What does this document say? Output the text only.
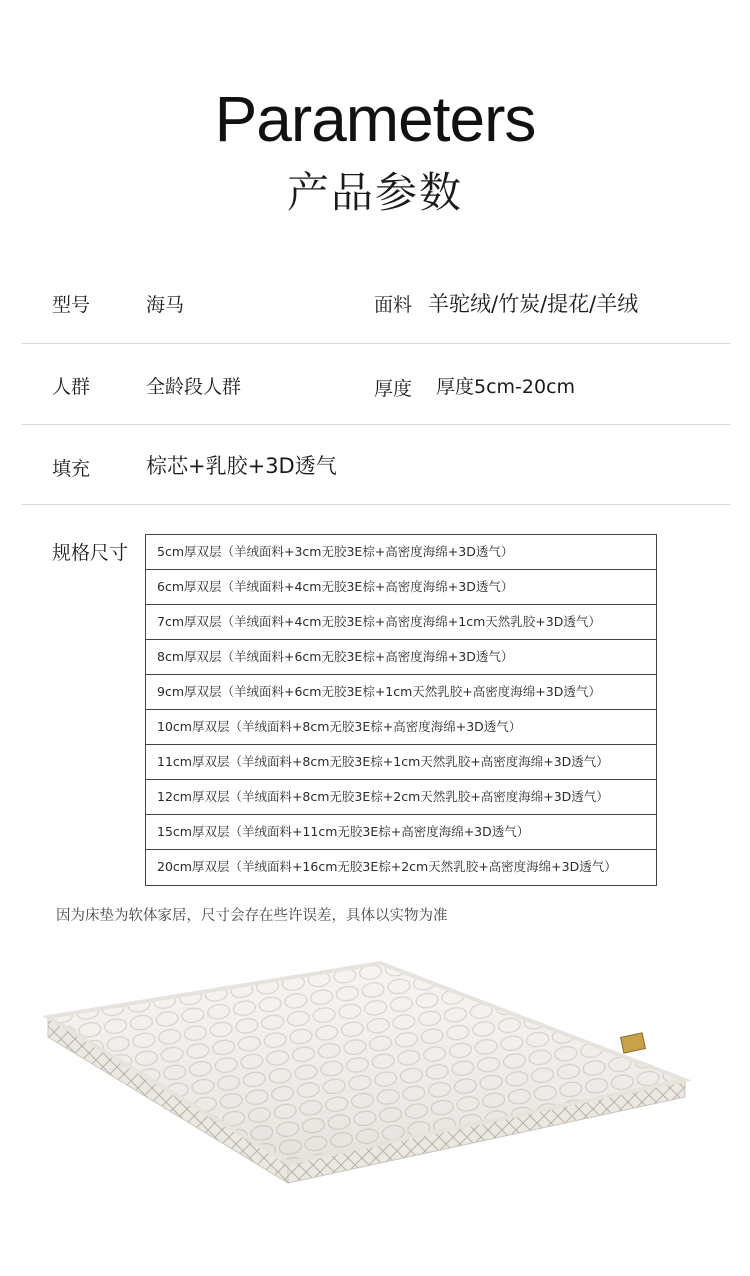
Parameters
产品参数
型号	海马	面料 羊驼绒/竹炭/提花/羊绒
人群	全龄段人群	厚度 厚度5cm-20cm
填充	棕芯+乳胶+3D透气
规格尺寸	5cm厚双层（羊绒面料+3cm无胶3E棕+高密度海绵+3D透气）
6cm厚双层（羊绒面料+4cm无胶3E棕+高密度海绵+3D透气）
7cm厚双层（羊绒面料+4cm无胶3E棕+高密度海绵+1cm天然乳胶+3D透气）
8cm厚双层（羊绒面料+6cm无胶3E棕+高密度海绵+3D透气）
9cm厚双层（羊绒面料+6cm无胶3E棕+1cm天然乳胶+高密度海绵+3D透气）
10cm厚双层（羊绒面料+8cm无胶3E棕+高密度海绵+3D透气）
11cm厚双层（羊绒面料+8cm无胶3E棕+1cm天然乳胶+高密度海绵+3D透气）
12cm厚双层（羊绒面料+8cm无胶3E棕+2cm天然乳胶+高密度海绵+3D透气）
15cm厚双层（羊绒面料+11cm无胶3E棕+高密度海绵+3D透气）
20cm厚双层（羊绒面料+16cm无胶3E棕+2cm天然乳胶+高密度海绵+3D透气）
因为床垫为软体家居，尺寸会存在些许误差，具体以实物为准
